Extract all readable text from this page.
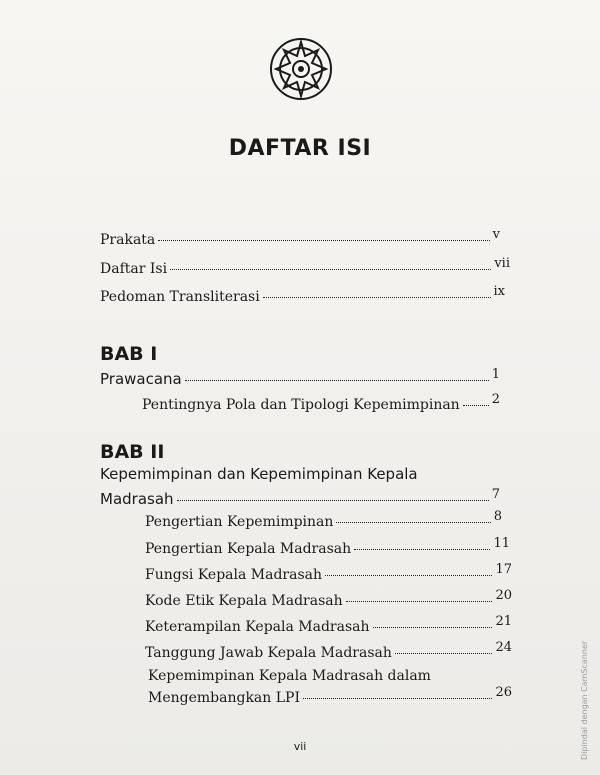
DAFTAR ISI
Prakata	v
Daftar Isi	vii
Pedoman Transliterasi	ix
BAB I
Prawacana	1
Pentingnya Pola dan Tipologi Kepemimpinan 2
BAB II
Kepemimpinan dan Kepemimpinan Kepala
Madrasah	7
Pengertian Kepemimpinan	8
Pengertian Kepala Madrasah	11
Fungsi Kepala Madrasah	17
Kode Etik Kepala Madrasah	20
Keterampilan Kepala Madrasah	21
Tanggung Jawab Kepala Madrasah	24
Kepemimpinan Kepala Madrasah dalam
Mengembangkan LPI	26
vii	Dipindai dengan CamScanner
